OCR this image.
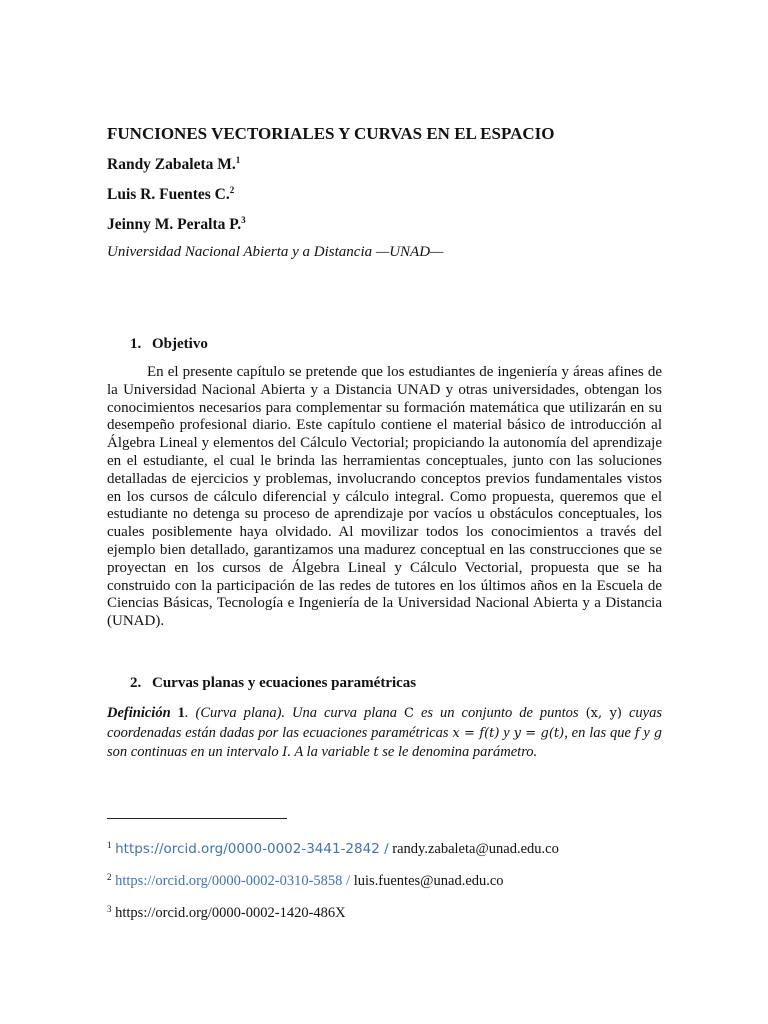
FUNCIONES VECTORIALES Y CURVAS EN EL ESPACIO
Randy Zabaleta M.$^1$
Luis R. Fuentes C.$^2$
Jeinny M. Peralta P.$^3$
Universidad Nacional Abierta y a Distancia —UNAD—
1. Objetivo
En el presente capítulo se pretende que los estudiantes de ingeniería y áreas afines de la Universidad Nacional Abierta y a Distancia UNAD y otras universidades, obtengan los conocimientos necesarios para complementar su formación matemática que utilizarán en su desempeño profesional diario. Este capítulo contiene el material básico de introducción al Álgebra Lineal y elementos del Cálculo Vectorial; propiciando la autonomía del aprendizaje en el estudiante, el cual le brinda las herramientas conceptuales, junto con las soluciones detalladas de ejercicios y problemas, involucrando conceptos previos fundamentales vistos en los cursos de cálculo diferencial y cálculo integral. Como propuesta, queremos que el estudiante no detenga su proceso de aprendizaje por vacíos u obstáculos conceptuales, los cuales posiblemente haya olvidado. Al movilizar todos los conocimientos a través del ejemplo bien detallado, garantizamos una madurez conceptual en las construcciones que se proyectan en los cursos de Álgebra Lineal y Cálculo Vectorial, propuesta que se ha construido con la participación de las redes de tutores en los últimos años en la Escuela de Ciencias Básicas, Tecnología e Ingeniería de la Universidad Nacional Abierta y a Distancia (UNAD).
2. Curvas planas y ecuaciones paramétricas
Definición 1. (Curva plana). Una curva plana C es un conjunto de puntos (x, y) cuyas coordenadas están dadas por las ecuaciones paramétricas x = f(t) y y = g(t), en las que f y g son continuas en un intervalo I. A la variable t se le denomina parámetro.
$^1$ https://orcid.org/0000-0002-3441-2842 / randy.zabaleta@unad.edu.co
$^2$ https://orcid.org/0000-0002-0310-5858 / luis.fuentes@unad.edu.co
$^3$ https://orcid.org/0000-0002-1420-486X
